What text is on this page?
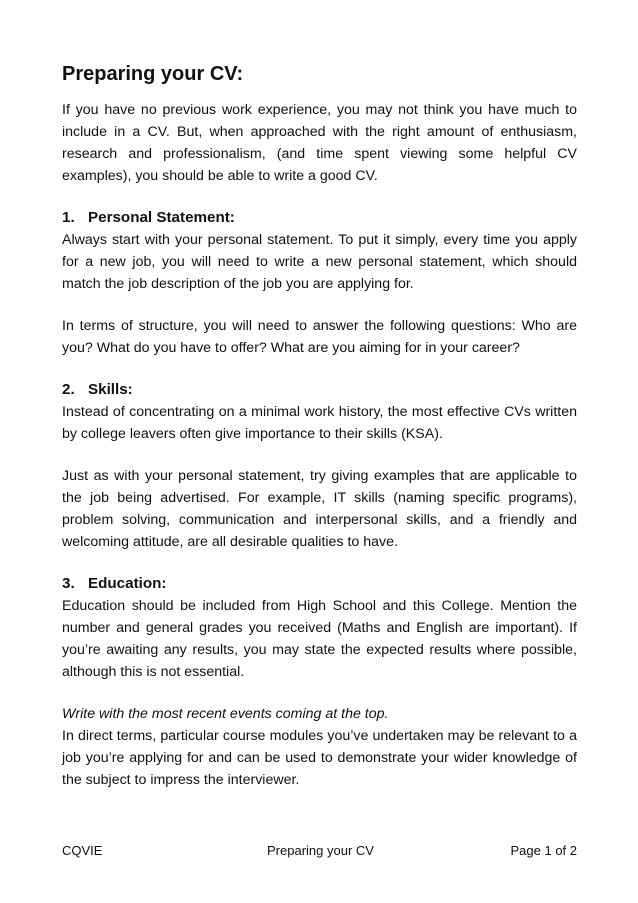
Preparing your CV:

If you have no previous work experience, you may not think you have much to include in a CV. But, when approached with the right amount of enthusiasm, research and professionalism, (and time spent viewing some helpful CV examples), you should be able to write a good CV.

1. Personal Statement:

Always start with your personal statement. To put it simply, every time you apply for a new job, you will need to write a new personal statement, which should match the job description of the job you are applying for.

In terms of structure, you will need to answer the following questions: Who are you? What do you have to offer? What are you aiming for in your career?

2. Skills:

Instead of concentrating on a minimal work history, the most effective CVs written by college leavers often give importance to their skills (KSA).

Just as with your personal statement, try giving examples that are applicable to the job being advertised. For example, IT skills (naming specific programs), problem solving, communication and interpersonal skills, and a friendly and welcoming attitude, are all desirable qualities to have.

3. Education:

Education should be included from High School and this College. Mention the number and general grades you received (Maths and English are important). If you’re awaiting any results, you may state the expected results where possible, although this is not essential.

Write with the most recent events coming at the top.

In direct terms, particular course modules you’ve undertaken may be relevant to a job you’re applying for and can be used to demonstrate your wider knowledge of the subject to impress the interviewer.

CQVIE	Preparing your CV	Page 1 of 2
